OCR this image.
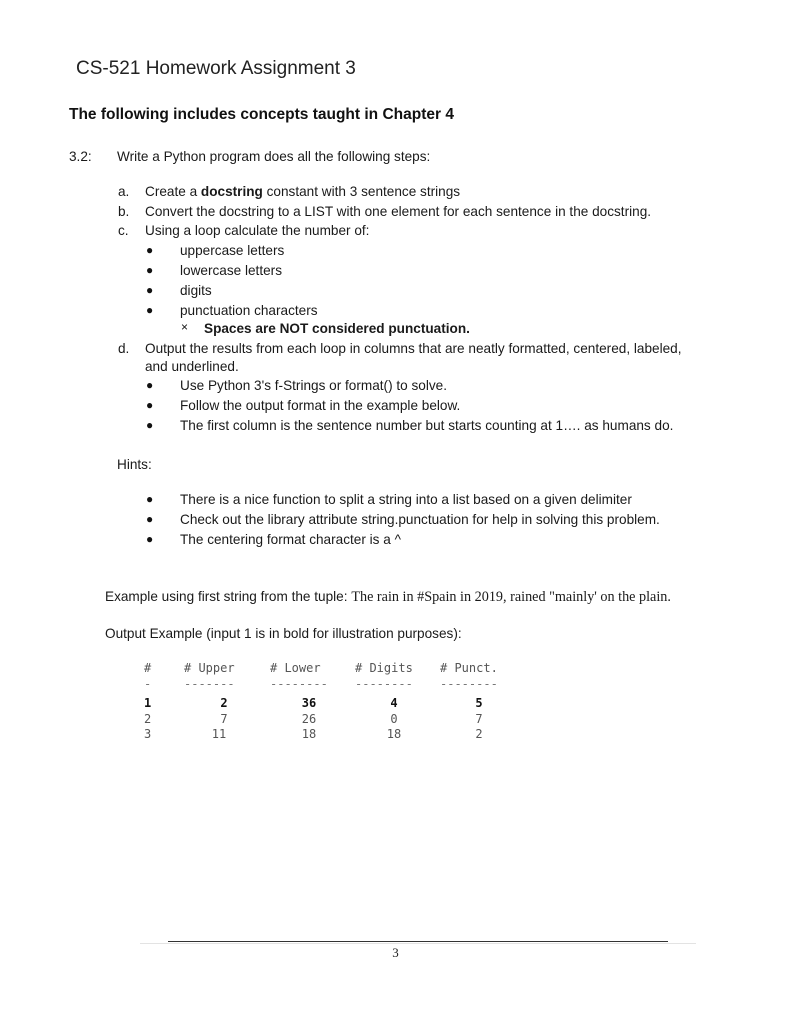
CS-521 Homework Assignment 3
The following includes concepts taught in Chapter 4
3.2: Write a Python program does all the following steps:
a. Create a docstring constant with 3 sentence strings
b. Convert the docstring to a LIST with one element for each sentence in the docstring.
c. Using a loop calculate the number of:
● uppercase letters
● lowercase letters
● digits
● punctuation characters
× Spaces are NOT considered punctuation.
d. Output the results from each loop in columns that are neatly formatted, centered, labeled,
and underlined.
● Use Python 3's f-Strings or format() to solve.
● Follow the output format in the example below.
● The first column is the sentence number but starts counting at 1…. as humans do.
Hints:
● There is a nice function to split a string into a list based on a given delimiter
● Check out the library attribute string.punctuation for help in solving this problem.
● The centering format character is a ^
Example using first string from the tuple: The rain in #Spain in 2019, rained "mainly' on the plain.
Output Example (input 1 is in bold for illustration purposes):
#	# Upper	# Lower	# Digits # Punct.
-	-------	-------- -------- --------
1	2	36	4	5
2	7	26	0	7
3	11	18	18	2
3
